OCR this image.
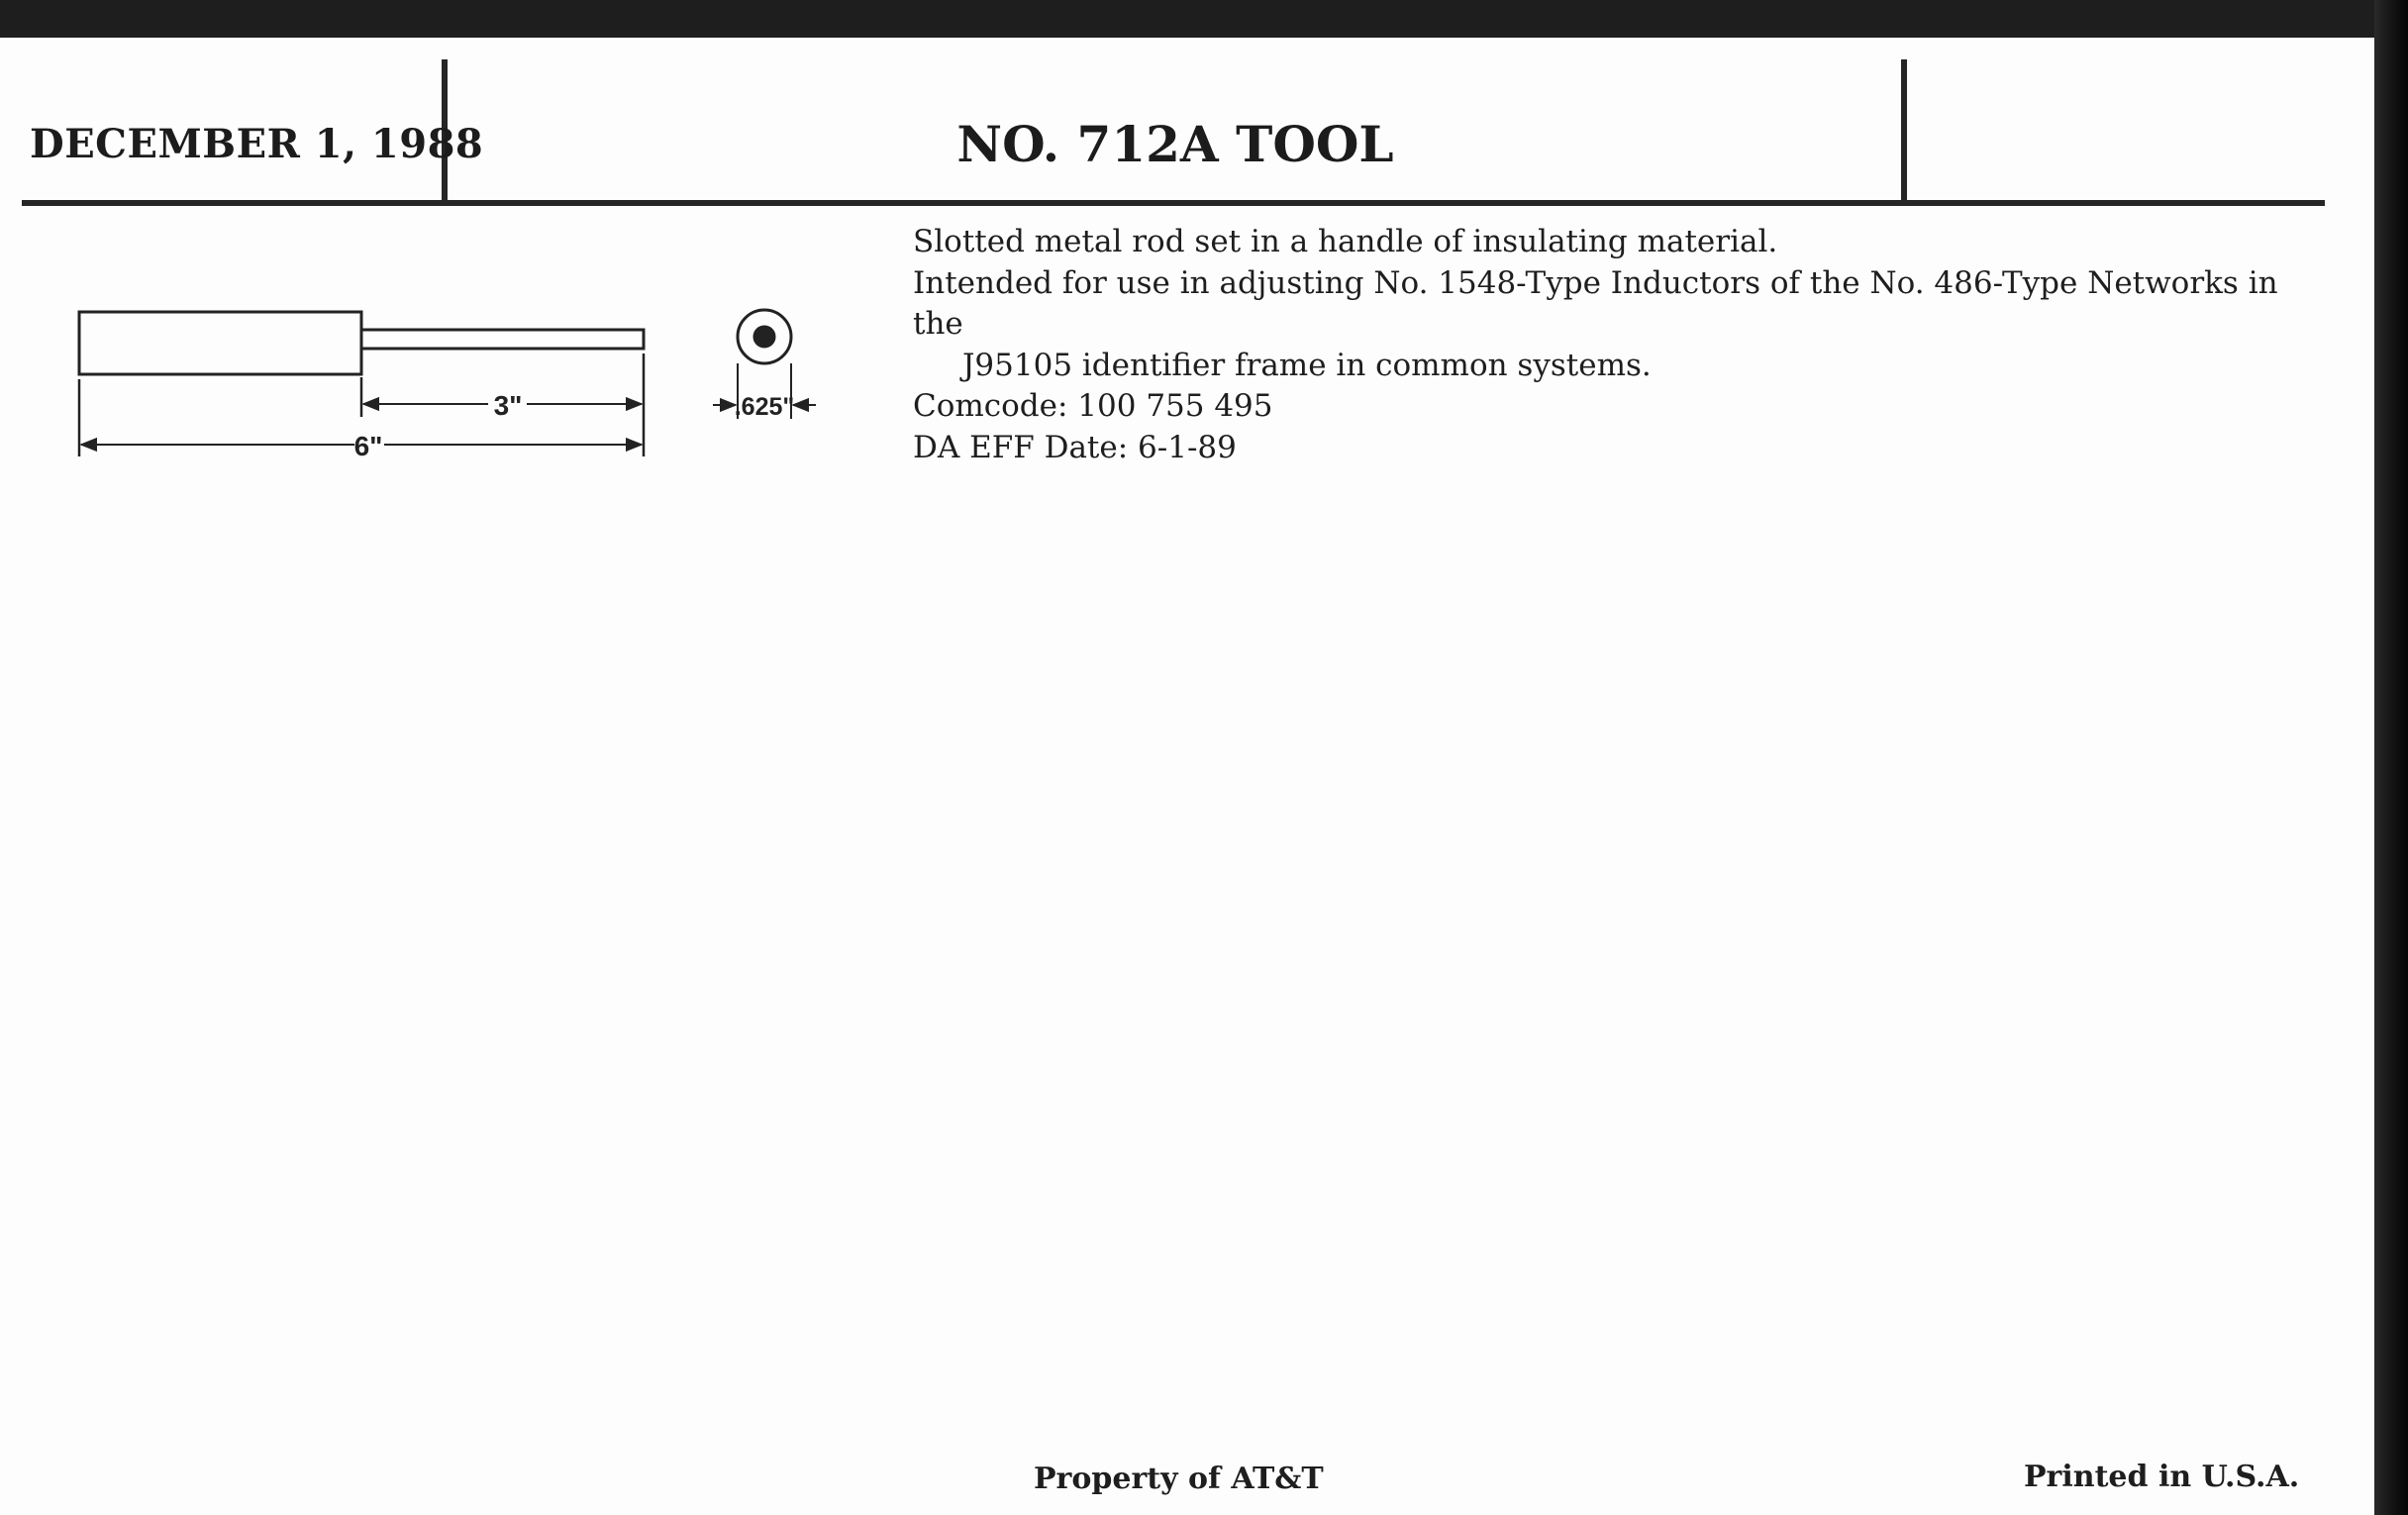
DECEMBER 1, 1988	NO. 712A TOOL
3"
6"
.625"

Slotted metal rod set in a handle of insulating material.

Intended for use in adjusting No. 1548-Type Inductors of the No. 486-Type Networks in the

J95105 identifier frame in common systems.

Comcode: 100 755 495

DA EFF Date: 6-1-89

Property of AT&T	Printed in U.S.A.
